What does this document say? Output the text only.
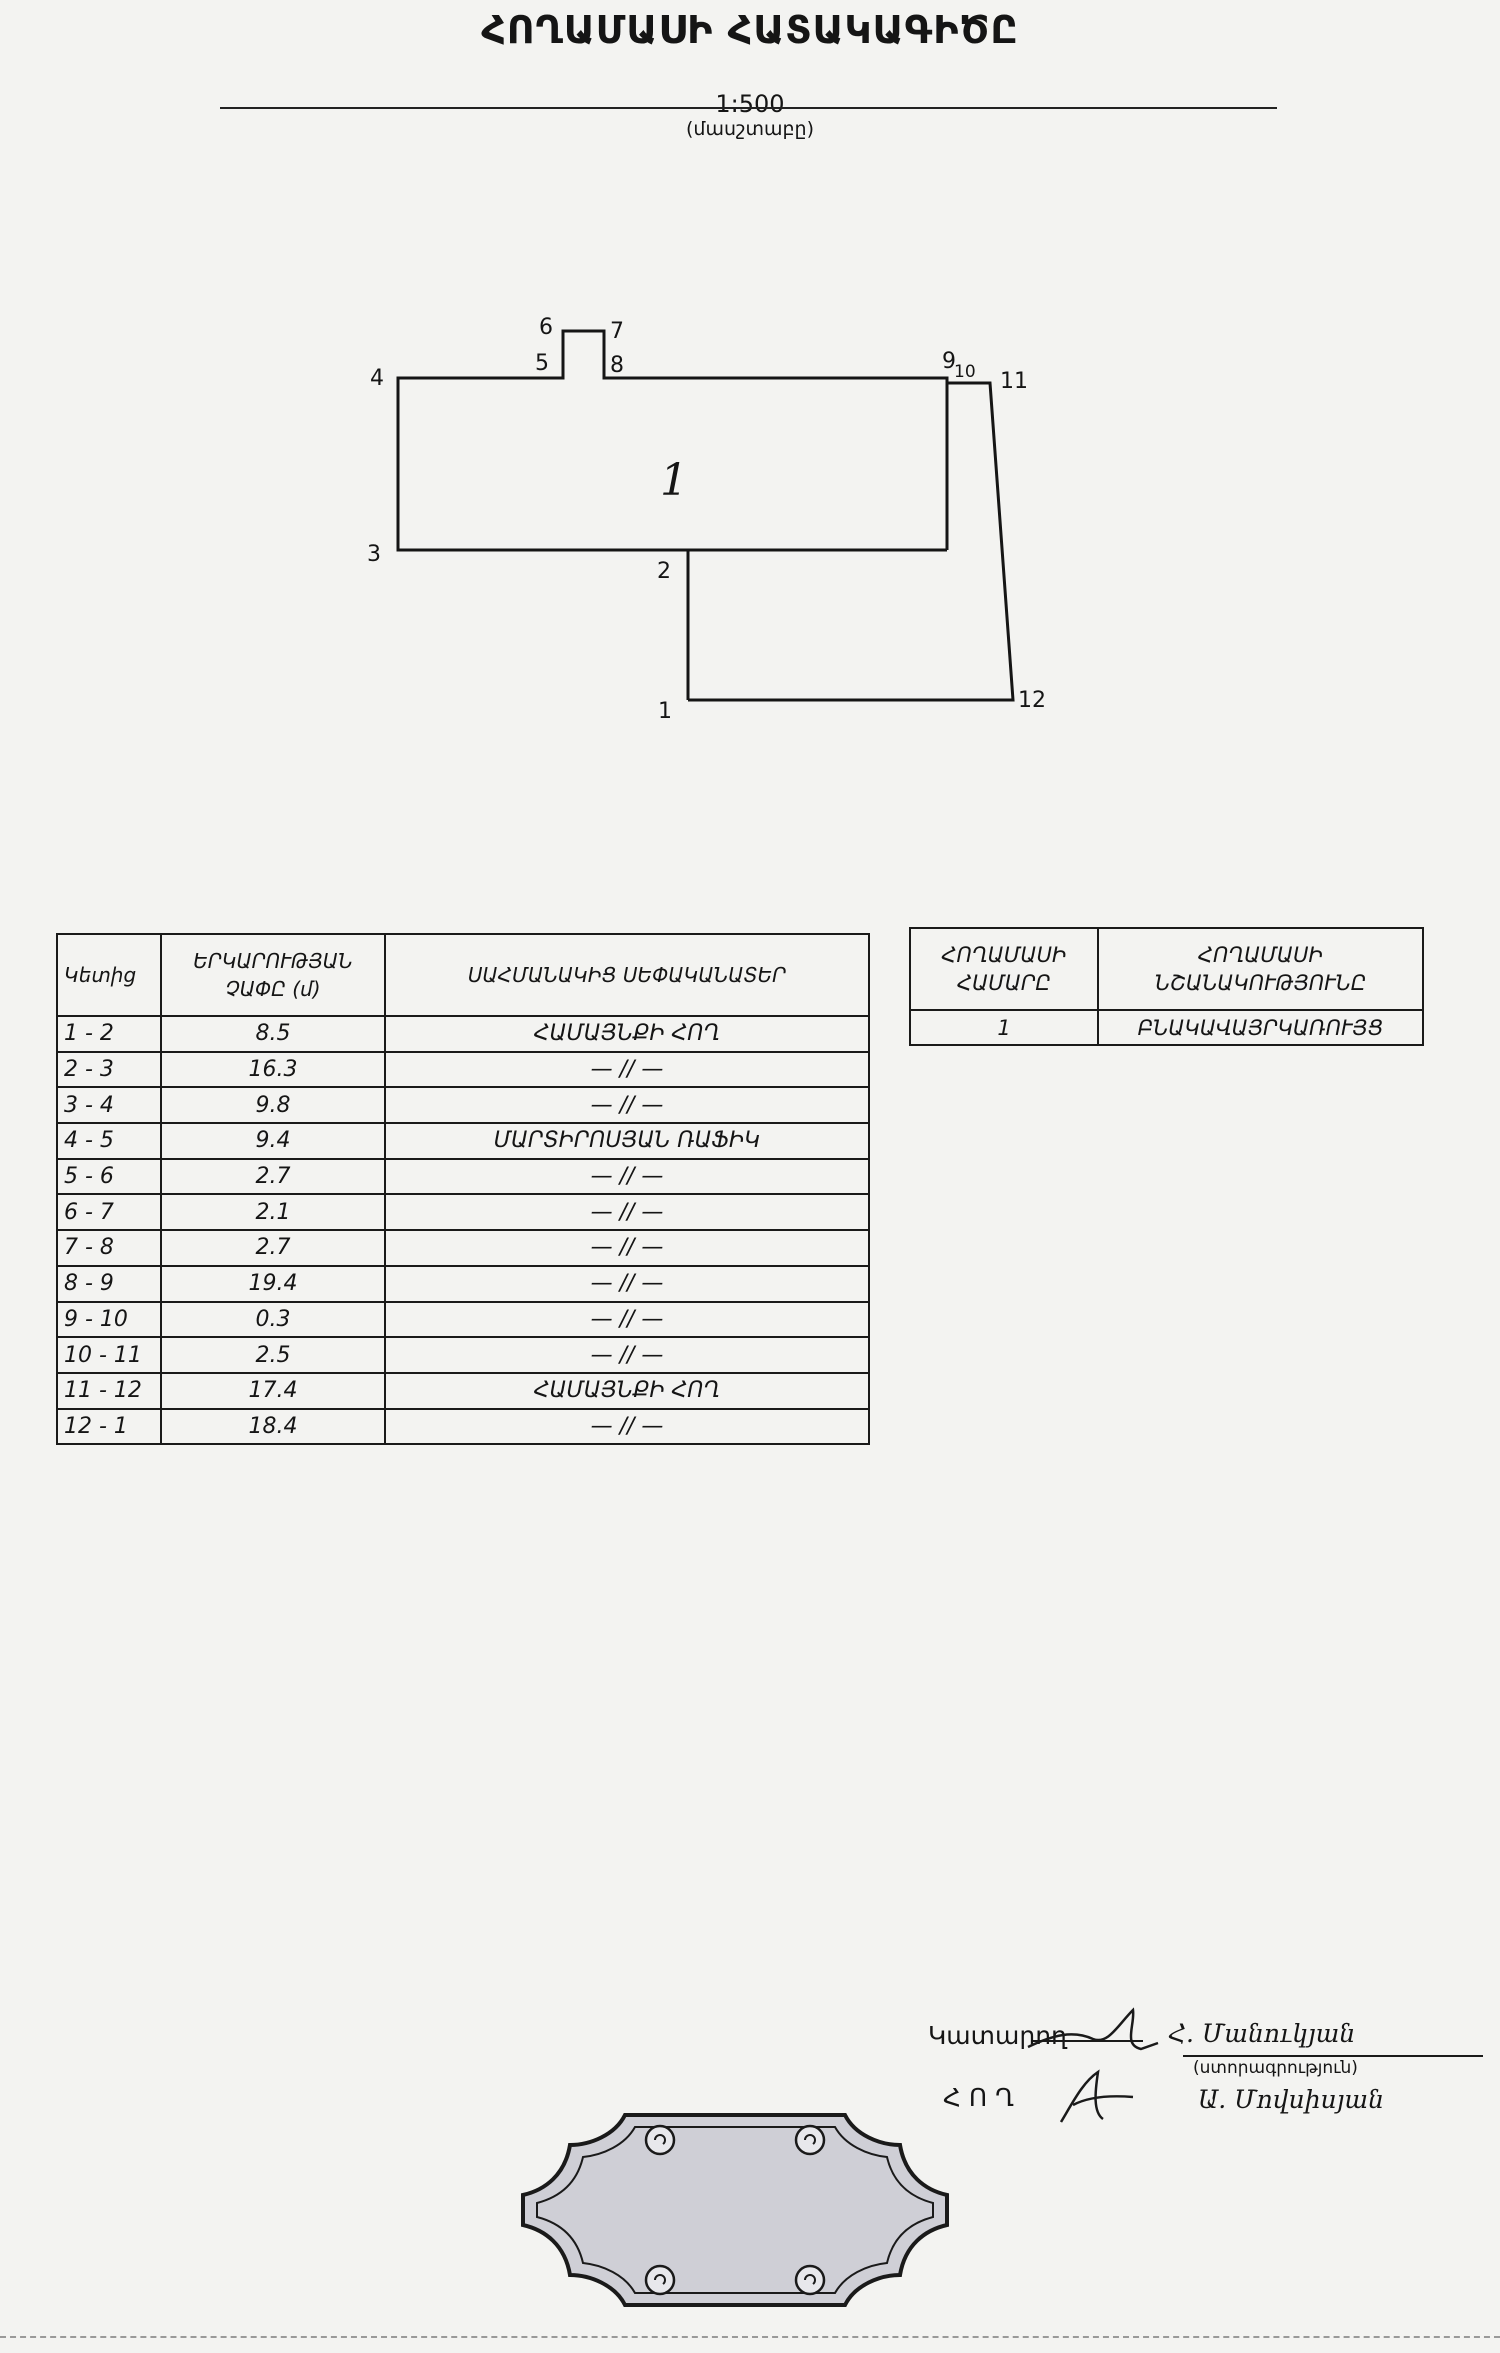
ՀՈՂԱՄԱՍԻ ՀԱՏԱԿԱԳԻԾԸ
1:500
(մասշտաբը)
1
1
2
3
4
5
6	7
8	9
10 11
12
Կետից	ԵՐԿԱՐՈՒԹՅԱՆ ՉԱՓԸ (մ)	ՍԱՀՄԱՆԱԿԻՑ ՍԵՓԱԿԱՆԱՏԵՐ
1 - 2	8.5	ՀԱՄԱՅՆՔԻ ՀՈՂ
2 - 3	16.3	— // —
3 - 4	9.8	— // —
4 - 5	9.4	ՄԱՐՏԻՐՈՍՅԱՆ ՌԱՖԻԿ
5 - 6	2.7	— // —
6 - 7	2.1	— // —
7 - 8	2.7	— // —
8 - 9	19.4	— // —
9 - 10	0.3	— // —
10 - 11	2.5	— // —
11 - 12	17.4	ՀԱՄԱՅՆՔԻ ՀՈՂ
12 - 1	18.4	— // —
ՀՈՂԱՄԱՍԻ ՀԱՄԱՐԸ	ՀՈՂԱՄԱՍԻ ՆՇԱՆԱԿՈՒԹՅՈՒՆԸ
1	ԲՆԱԿԱՎԱՅՐԿԱՌՈՒՅՑ
Կատարող	Հ. Մանուկյան
(ստորագրություն)
Հ Ո Ղ	Ա. Մովսիսյան
